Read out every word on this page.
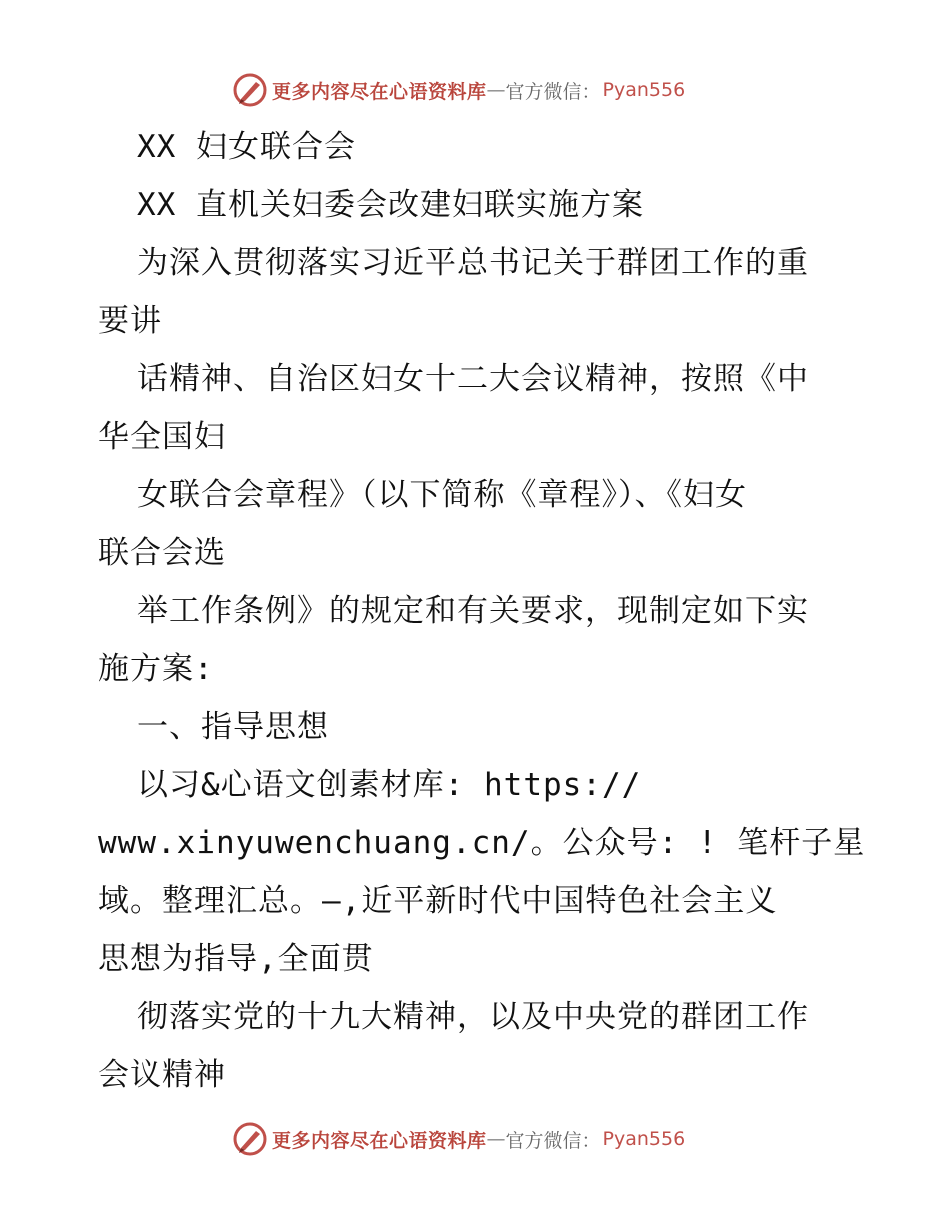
更多内容尽在心语资料库 — 官方微信： Pyan556
XX 妇女联合会
XX 直机关妇委会改建妇联实施方案
为深入贯彻落实习近平总书记关于群团工作的重
要讲
话精神、自治区妇女十二大会议精神，按照《中
华全国妇
女联合会章程》（以下简称《章程》）、《妇女
联合会选
举工作条例》的规定和有关要求，现制定如下实
施方案:
一、指导思想
以习&心语文创素材库: https://
www.xinyuwenchuang.cn/。公众号: ! 笔杆子星
域。整理汇总。—,近平新时代中国特色社会主义
思想为指导,全面贯
彻落实党的十九大精神，以及中央党的群团工作
会议精神
更多内容尽在心语资料库 — 官方微信： Pyan556
